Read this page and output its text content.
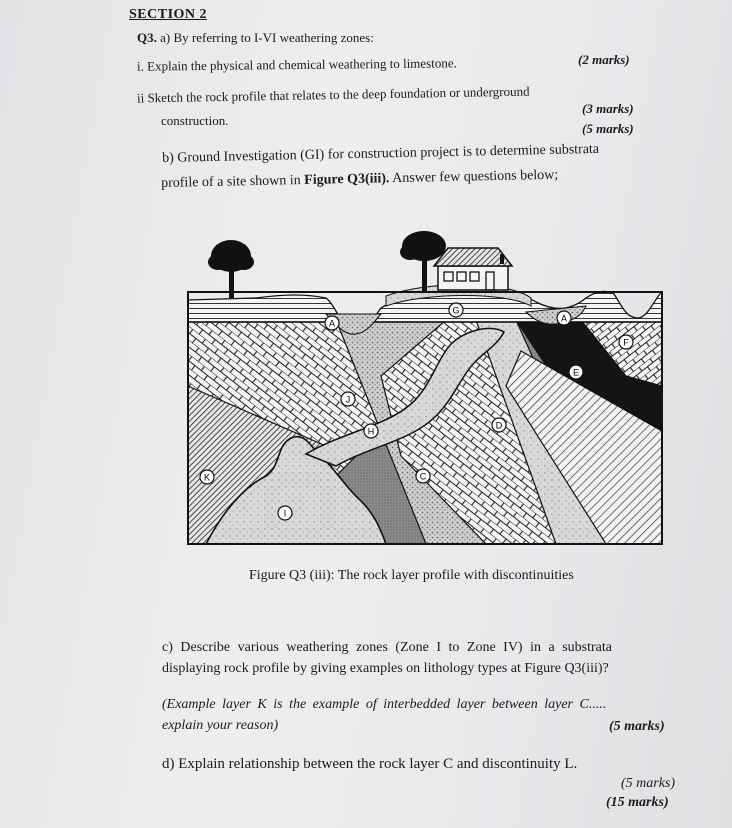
SECTION 2
Q3. a) By referring to I-VI weathering zones:
i. Explain the physical and chemical weathering to limestone.	(2 marks)
ii Sketch the rock profile that relates to the deep foundation or underground
construction.
(3 marks)
(5 marks)
b) Ground Investigation (GI) for construction project is to determine substrata
profile of a site shown in Figure Q3(iii). Answer few questions below;
A
G
A
F
E
J
H
D
C
K
I
Figure Q3 (iii): The rock layer profile with discontinuities
c) Describe various weathering zones (Zone I to Zone IV) in a substrata
displaying rock profile by giving examples on lithology types at Figure Q3(iii)?
(Example layer K is the example of interbedded layer between layer C.....
explain your reason)	(5 marks)
d) Explain relationship between the rock layer C and discontinuity L.
(5 marks)
(15 marks)
